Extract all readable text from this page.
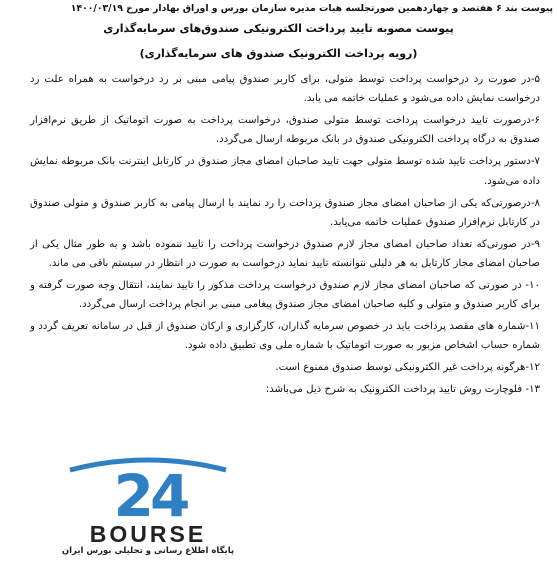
پیوست بند ۶ هفتصد و چهاردهمین صورتجلسه هیات مدیره سازمان بورس و اوراق بهادار مورخ ۱۴۰۰/۰۳/۱۹
پیوست مصوبه تایید پرداخت الکترونیکی صندوق‌های سرمایه‌گذاری
(رویه پرداخت الکترونیک صندوق های سرمایه‌گذاری)

۵-در صورت رد درخواست پرداخت توسط متولی، برای کاربر صندوق پیامی مبنی بر رد درخواست به همراه علت رد درخواست نمایش داده می‌شود و عملیات خاتمه می یابد.

۶-درصورت تایید درخواست پرداخت توسط متولی صندوق، درخواست پرداخت به صورت اتوماتیک از طریق نرم‌افزار صندوق به درگاه پرداخت الکترونیکی صندوق در بانک مربوطه ارسال می‌گردد.

۷-دستور پرداخت تایید شده توسط متولی جهت تایید صاحبان امضای مجاز صندوق در کارتابل اینترنت بانک مربوطه نمایش داده می‌شود.

۸-درصورتی‌که یکی از صاحبان امضای مجاز صندوق پرداخت را رد نمایند با ارسال پیامی به کاربر صندوق و متولی صندوق در کارتابل نرم‌افزار صندوق عملیات خاتمه می‌یابد.

۹-در صورتی‌که تعداد صاحبان امضای مجاز لازم صندوق درخواست پرداخت را تایید ننموده باشد و به طور مثال یکی از صاحبان امضای مجاز کارتابل به هر دلیلی نتوانسته تایید نماید درخواست به صورت در انتظار در سیستم باقی می ماند.

۱۰- در صورتی که صاحبان امضای مجاز لازم صندوق درخواست پرداخت مذکور را تایید نمایند، انتقال وجه صورت گرفته و برای کاربر صندوق و متولی و کلیه صاحبان امضای مجاز صندوق پیغامی مبنی بر انجام پرداخت ارسال می‌گردد.

۱۱-شماره های مقصد پرداخت باید در خصوص سرمایه گذاران، کارگزاری و ارکان صندوق از قبل در سامانه تعریف گردد و شماره حساب اشخاص مزبور به صورت اتوماتیک با شماره ملی وی تطبیق داده شود.

۱۲-هرگونه پرداخت غیر الکترونیکی توسط صندوق ممنوع است.

۱۳- فلوچارت روش تایید پرداخت الکترونیک به شرح ذیل می‌باشد:

24
BOURSE
پایگاه اطلاع رسانی و تحلیلی بورس ایران
